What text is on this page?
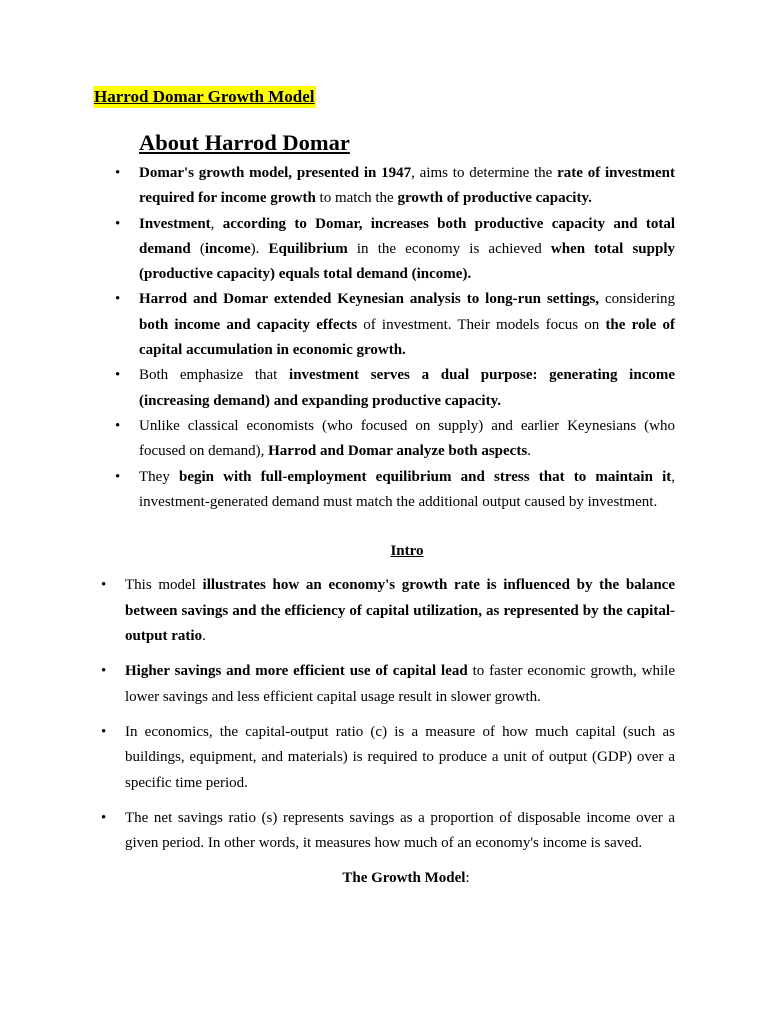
Harrod Domar Growth Model
About Harrod Domar
• Domar's growth model, presented in 1947, aims to determine the rate of investment required for income growth to match the growth of productive capacity.
• Investment, according to Domar, increases both productive capacity and total demand (income). Equilibrium in the economy is achieved when total supply (productive capacity) equals total demand (income).
• Harrod and Domar extended Keynesian analysis to long-run settings, considering both income and capacity effects of investment. Their models focus on the role of capital accumulation in economic growth.
• Both emphasize that investment serves a dual purpose: generating income (increasing demand) and expanding productive capacity.
• Unlike classical economists (who focused on supply) and earlier Keynesians (who focused on demand), Harrod and Domar analyze both aspects.
• They begin with full-employment equilibrium and stress that to maintain it, investment-generated demand must match the additional output caused by investment.

Intro

• This model illustrates how an economy's growth rate is influenced by the balance between savings and the efficiency of capital utilization, as represented by the capital-output ratio.
• Higher savings and more efficient use of capital lead to faster economic growth, while lower savings and less efficient capital usage result in slower growth.
• In economics, the capital-output ratio (c) is a measure of how much capital (such as buildings, equipment, and materials) is required to produce a unit of output (GDP) over a specific time period.
• The net savings ratio (s) represents savings as a proportion of disposable income over a given period. In other words, it measures how much of an economy's income is saved.

The Growth Model:
